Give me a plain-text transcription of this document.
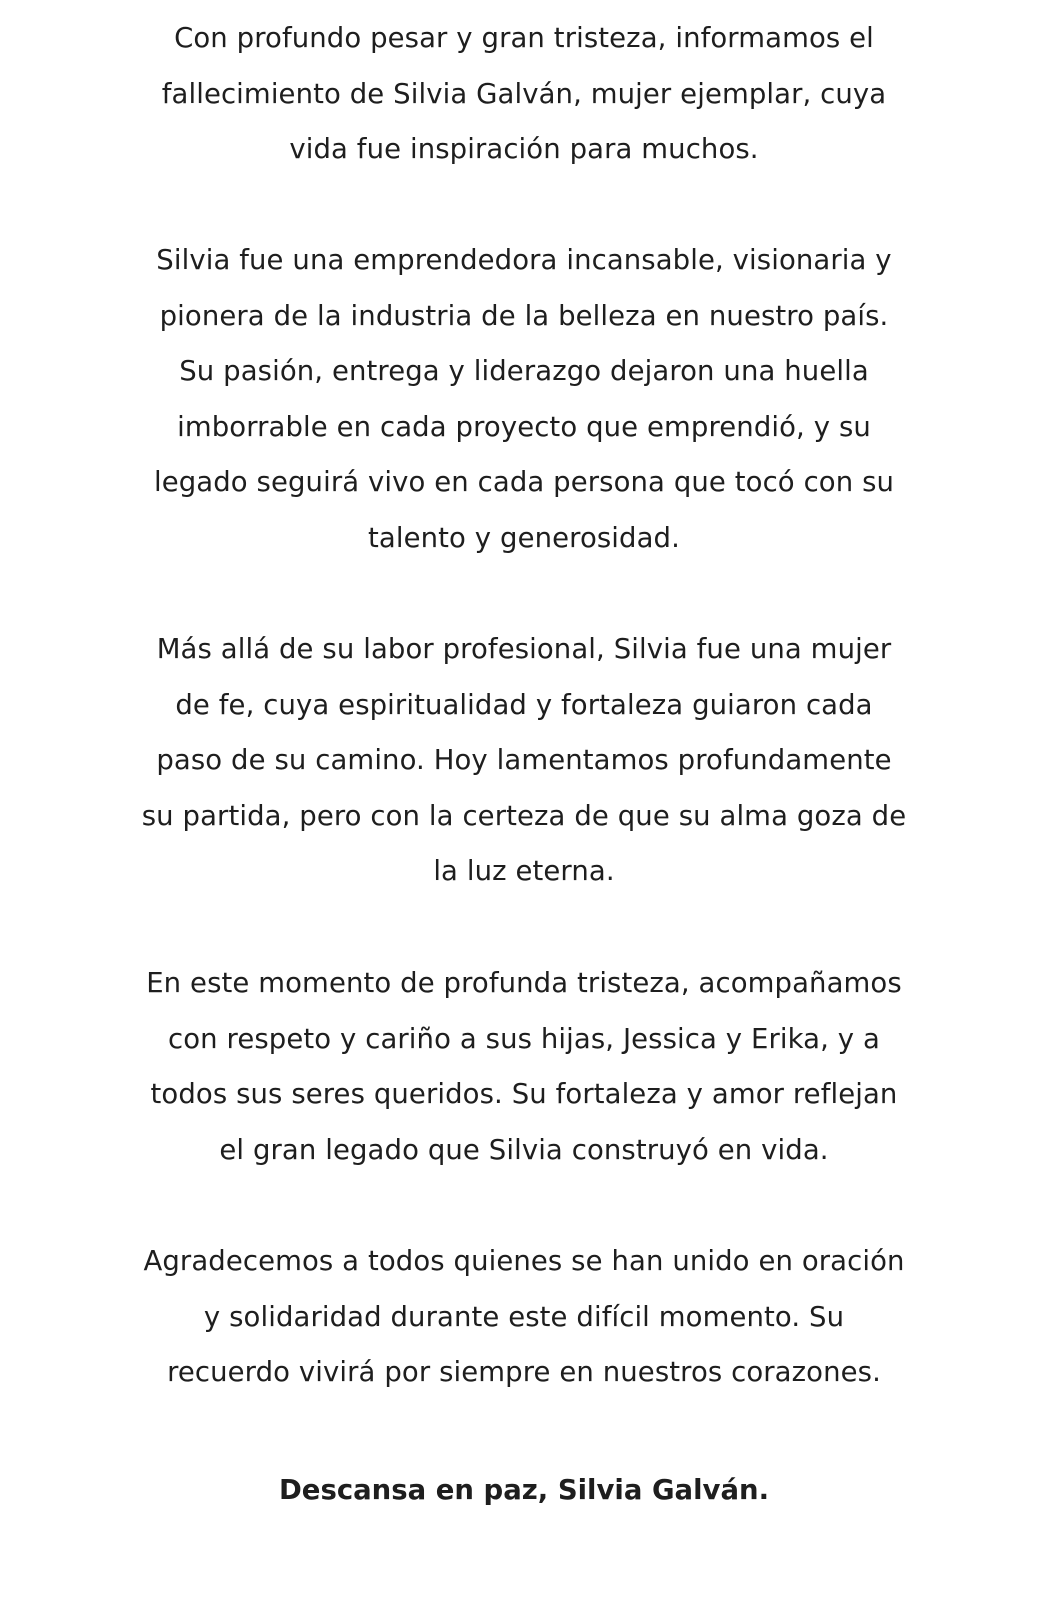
Con profundo pesar y gran tristeza, informamos el
fallecimiento de Silvia Galván, mujer ejemplar, cuya
vida fue inspiración para muchos.

Silvia fue una emprendedora incansable, visionaria y
pionera de la industria de la belleza en nuestro país.
Su pasión, entrega y liderazgo dejaron una huella
imborrable en cada proyecto que emprendió, y su
legado seguirá vivo en cada persona que tocó con su
talento y generosidad.

Más allá de su labor profesional, Silvia fue una mujer
de fe, cuya espiritualidad y fortaleza guiaron cada
paso de su camino. Hoy lamentamos profundamente
su partida, pero con la certeza de que su alma goza de
la luz eterna.

En este momento de profunda tristeza, acompañamos
con respeto y cariño a sus hijas, Jessica y Erika, y a
todos sus seres queridos. Su fortaleza y amor reflejan
el gran legado que Silvia construyó en vida.

Agradecemos a todos quienes se han unido en oración
y solidaridad durante este difícil momento. Su
recuerdo vivirá por siempre en nuestros corazones.

Descansa en paz, Silvia Galván.
